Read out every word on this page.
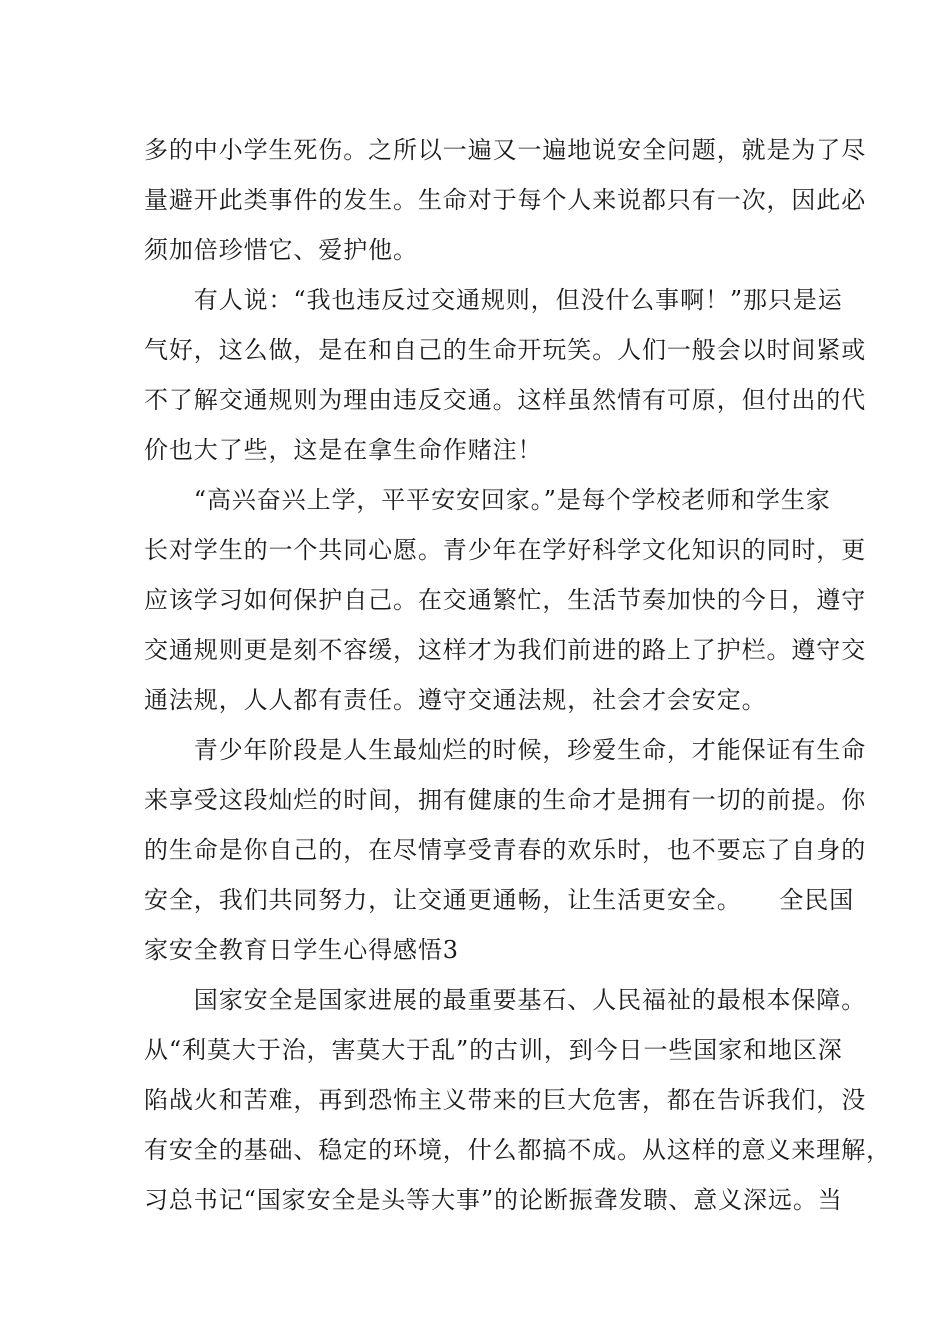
多的中小学生死伤。之所以一遍又一遍地说安全问题，就是为了尽
量避开此类事件的发生。生命对于每个人来说都只有一次，因此必
须加倍珍惜它、爱护他。
　　有人说：“我也违反过交通规则，但没什么事啊！”那只是运
气好，这么做，是在和自己的生命开玩笑。人们一般会以时间紧或
不了解交通规则为理由违反交通。这样虽然情有可原，但付出的代
价也大了些，这是在拿生命作赌注！
　　“高兴奋兴上学，平平安安回家。”是每个学校老师和学生家
长对学生的一个共同心愿。青少年在学好科学文化知识的同时，更
应该学习如何保护自己。在交通繁忙，生活节奏加快的今日，遵守
交通规则更是刻不容缓，这样才为我们前进的路上了护栏。遵守交
通法规，人人都有责任。遵守交通法规，社会才会安定。
　　青少年阶段是人生最灿烂的时候，珍爱生命，才能保证有生命
来享受这段灿烂的时间，拥有健康的生命才是拥有一切的前提。你
的生命是你自己的，在尽情享受青春的欢乐时，也不要忘了自身的
安全，我们共同努力，让交通更通畅，让生活更安全。　　全民国
家安全教育日学生心得感悟3
　　国家安全是国家进展的最重要基石、人民福祉的最根本保障。
从“利莫大于治，害莫大于乱”的古训，到今日一些国家和地区深
陷战火和苦难，再到恐怖主义带来的巨大危害，都在告诉我们，没
有安全的基础、稳定的环境，什么都搞不成。从这样的意义来理解，
习总书记“国家安全是头等大事”的论断振聋发聩、意义深远。当
